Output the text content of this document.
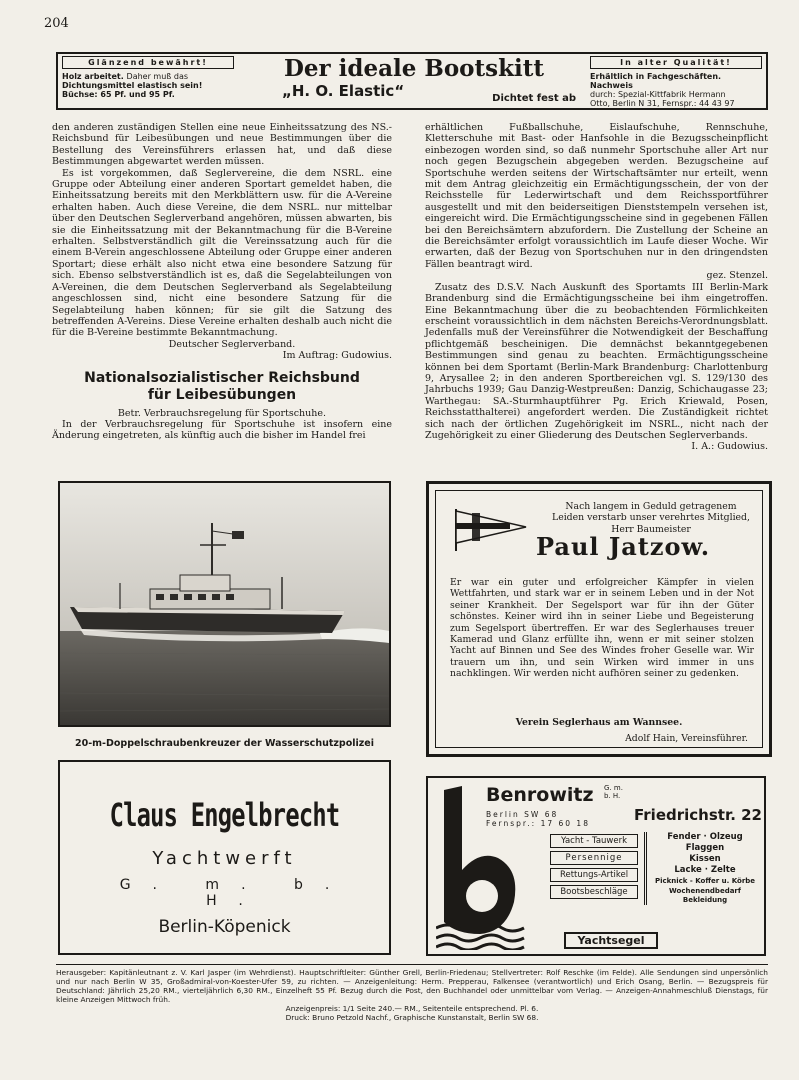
204
Glänzend bewährt!
Holz arbeitet. Daher muß das
Dichtungsmittel elastisch sein!
Büchse: 65 Pf. und 95 Pf.
Der ideale Bootskitt
„H. O. Elastic“	Dichtet fest ab
In alter Qualität!
Erhältlich in Fachgeschäften. Nachweis
durch: Spezial-Kittfabrik Hermann
Otto, Berlin N 31, Fernspr.: 44 43 97

den anderen zuständigen Stellen eine neue Einheitssatzung des NS.-Reichsbund für Leibesübungen und neue Bestimmungen über die Bestellung des Vereinsführers erlassen hat, und daß diese Bestimmungen abgewartet werden müssen.

Es ist vorgekommen, daß Seglervereine, die dem NSRL. eine Gruppe oder Abteilung einer anderen Sportart gemeldet haben, die Einheitssatzung bereits mit den Merkblättern usw. für die A-Vereine erhalten haben. Auch diese Vereine, die dem NSRL. nur mittelbar über den Deutschen Seglerverband angehören, müssen abwarten, bis sie die Einheitssatzung mit der Bekanntmachung für die B-Vereine erhalten. Selbstverständlich gilt die Vereinssatzung auch für die einem B-Verein angeschlossene Abteilung oder Gruppe einer anderen Sportart; diese erhält also nicht etwa eine besondere Satzung für sich. Ebenso selbstverständlich ist es, daß die Segelabteilungen von A-Vereinen, die dem Deutschen Seglerverband als Segelabteilung angeschlossen sind, nicht eine besondere Satzung für die Segelabteilung haben können; für sie gilt die Satzung des betreffenden A-Vereins. Diese Vereine erhalten deshalb auch nicht die für die B-Vereine bestimmte Bekanntmachung.

Deutscher Seglerverband.

Im Auftrag: Gudowius.

Nationalsozialistischer Reichsbund
für Leibesübungen

Betr. Verbrauchsregelung für Sportschuhe.

In der Verbrauchsregelung für Sportschuhe ist insofern eine Änderung eingetreten, als künftig auch die bisher im Handel frei

erhältlichen Fußballschuhe, Eislaufschuhe, Rennschuhe, Kletterschuhe mit Bast- oder Hanfsohle in die Bezugsscheinpflicht einbezogen worden sind, so daß nunmehr Sportschuhe aller Art nur noch gegen Bezugschein abgegeben werden. Bezugscheine auf Sportschuhe werden seitens der Wirtschaftsämter nur erteilt, wenn mit dem Antrag gleichzeitig ein Ermächtigungsschein, der von der Reichsstelle für Lederwirtschaft und dem Reichssportführer ausgestellt und mit den beiderseitigen Dienststempeln versehen ist, eingereicht wird. Die Ermächtigungsscheine sind in gegebenen Fällen bei den Bereichsämtern abzufordern. Die Zustellung der Scheine an die Bereichsämter erfolgt voraussichtlich im Laufe dieser Woche. Wir erwarten, daß der Bezug von Sportschuhen nur in den dringendsten Fällen beantragt wird.

gez. Stenzel.

Zusatz des D.S.V. Nach Auskunft des Sportamts III Berlin-Mark Brandenburg sind die Ermächtigungsscheine bei ihm eingetroffen. Eine Bekanntmachung über die zu beobachtenden Förmlichkeiten erscheint voraussichtlich in dem nächsten Bereichs-Verordnungsblatt. Jedenfalls muß der Vereinsführer die Notwendigkeit der Beschaffung pflichtgemäß bescheinigen. Die demnächst bekanntgegebenen Bestimmungen sind genau zu beachten. Ermächtigungsscheine können bei dem Sportamt (Berlin-Mark Brandenburg: Charlottenburg 9, Arysallee 2; in den anderen Sportbereichen vgl. S. 129/130 des Jahrbuchs 1939; Gau Danzig-Westpreußen: Danzig, Schichaugasse 23; Warthegau: SA.-Sturmhauptführer Pg. Erich Kriewald, Posen, Reichsstatthalterei) angefordert werden. Die Zuständigkeit richtet sich nach der örtlichen Zugehörigkeit im NSRL., nicht nach der Zugehörigkeit zu einer Gliederung des Deutschen Seglerverbands.

I. A.: Gudowius.

20-m-Doppelschraubenkreuzer der Wasserschutzpolizei
Claus Engelbrecht
Yachtwerft
G. m. b. H.
Berlin-Köpenick
Nach langem in Geduld getragenem
Leiden verstarb unser verehrtes Mitglied,
Herr Baumeister
Paul Jatzow.
Er war ein guter und erfolgreicher Kämpfer in vielen Wettfahrten, und stark war er in seinem Leben und in der Not seiner Krankheit. Der Segelsport war für ihn der Güter schönstes. Keiner wird ihn in seiner Liebe und Begeisterung zum Segelsport übertreffen. Er war des Seglerhauses treuer Kamerad und Glanz erfüllte ihn, wenn er mit seiner stolzen Yacht auf Binnen und See des Windes froher Geselle war. Wir trauern um ihn, und sein Wirken wird immer in uns nachklingen. Wir werden nicht aufhören seiner zu gedenken.
Verein Seglerhaus am Wannsee.
Adolf Hain, Vereinsführer.
Benrowitz G. m.
b. H.
Friedrichstr. 22
Berlin SW 68
Fernspr.: 17 60 18
Yacht - Tauwerk
Persennige
Rettungs-Artikel
Bootsbeschläge
Fender · Olzeug
Flaggen
Kissen
Lacke · Zelte
Picknick - Koffer u. Körbe
Wochenendbedarf
Bekleidung
Yachtsegel
Herausgeber: Kapitänleutnant z. V. Karl Jasper (im Wehrdienst). Hauptschriftleiter: Günther Grell, Berlin-Friedenau; Stellvertreter: Rolf Reschke (im Felde). Alle Sendungen sind unpersönlich und nur nach Berlin W 35, Großadmiral-von-Koester-Ufer 59, zu richten. — Anzeigenleitung: Herm. Prepperau, Falkensee (verantwortlich) und Erich Osang, Berlin. — Bezugspreis für Deutschland: Jährlich 25,20 RM., vierteljährlich 6,30 RM., Einzelheft 55 Pf. Bezug durch die Post, den Buchhandel oder unmittelbar vom Verlag. — Anzeigen-Annahmeschluß Dienstags, für kleine Anzeigen Mittwoch früh.
Anzeigenpreis: 1/1 Seite 240.— RM., Seitenteile entsprechend. Pl. 6.
Druck: Bruno Petzold Nachf., Graphische Kunstanstalt, Berlin SW 68.
